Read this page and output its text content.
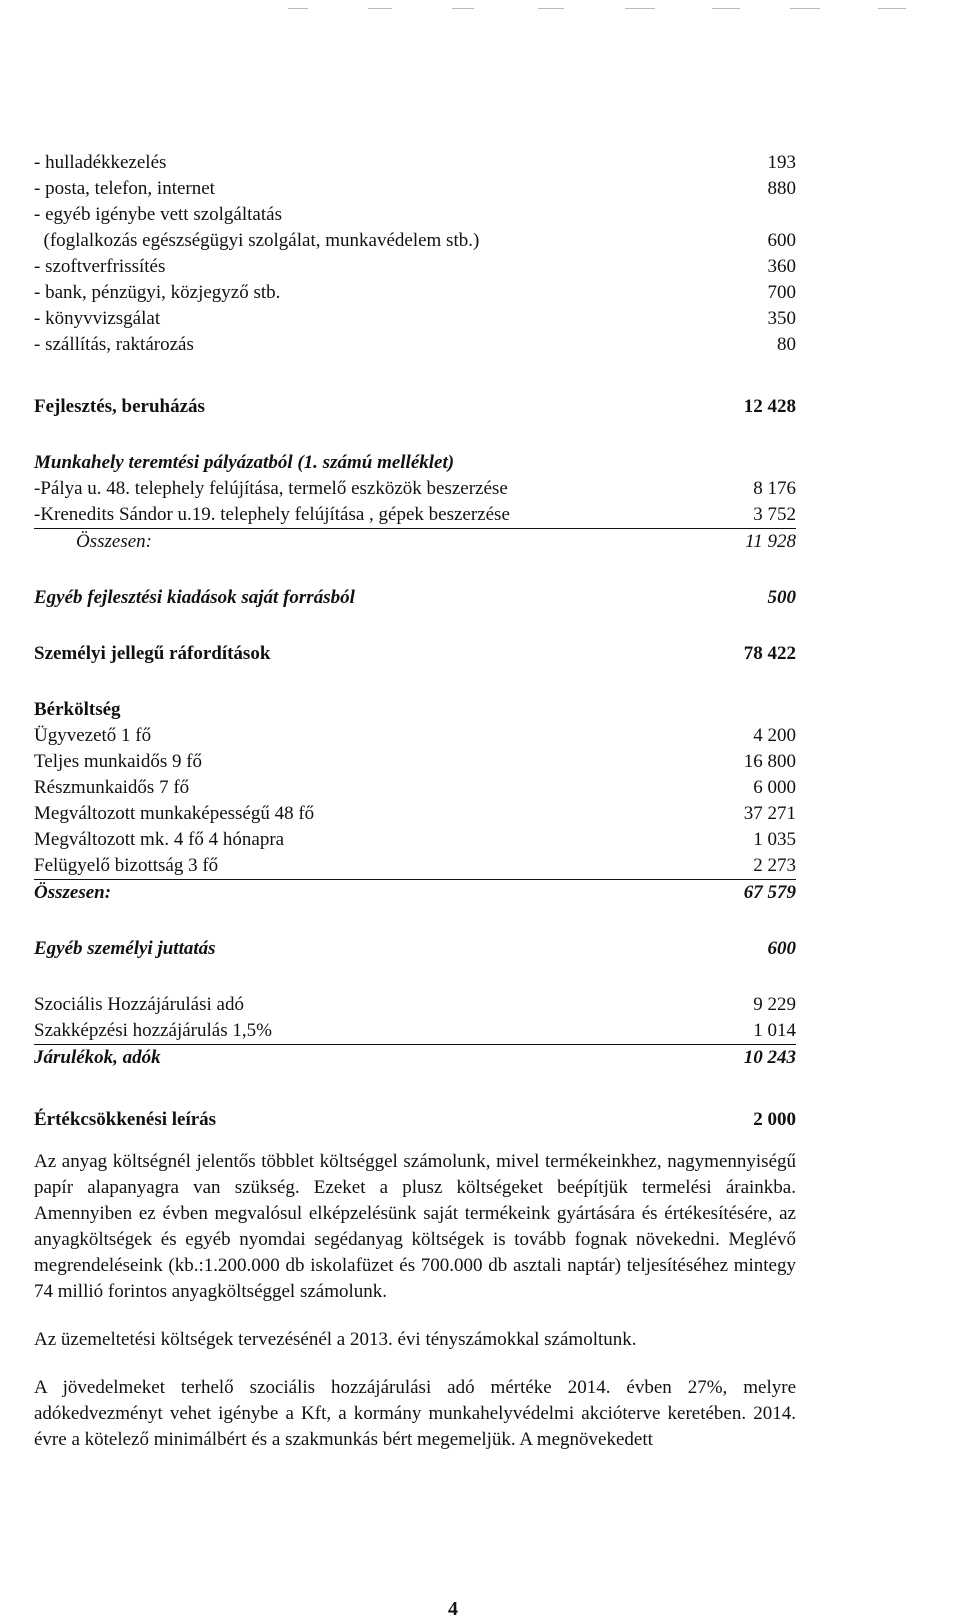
- hulladékkezelés	193
- posta, telefon, internet	880
- egyéb igénybe vett szolgáltatás
(foglalkozás egészségügyi szolgálat, munkavédelem stb.)	600
- szoftverfrissítés	360
- bank, pénzügyi, közjegyző stb.	700
- könyvvizsgálat	350
- szállítás, raktározás	80
Fejlesztés, beruházás	12 428
Munkahely teremtési pályázatból (1. számú melléklet)
-Pálya u. 48. telephely felújítása, termelő eszközök beszerzése	8 176
-Krenedits Sándor u.19. telephely felújítása , gépek beszerzése	3 752
Összesen:	11 928
Egyéb fejlesztési kiadások saját forrásból	500
Személyi jellegű ráfordítások	78 422
Bérköltség
Ügyvezető 1 fő	4 200
Teljes munkaidős 9 fő	16 800
Részmunkaidős 7 fő	6 000
Megváltozott munkaképességű 48 fő	37 271
Megváltozott mk. 4 fő 4 hónapra	1 035
Felügyelő bizottság 3 fő	2 273
Összesen:	67 579
Egyéb személyi juttatás	600
Szociális Hozzájárulási adó	9 229
Szakképzési hozzájárulás 1,5%	1 014
Járulékok, adók	10 243
Értékcsökkenési leírás	2 000

Az anyag költségnél jelentős többlet költséggel számolunk, mivel termékeinkhez, nagymennyiségű papír alapanyagra van szükség. Ezeket a plusz költségeket beépítjük termelési árainkba. Amennyiben ez évben megvalósul elképzelésünk saját termékeink gyártására és értékesítésére, az anyagköltségek és egyéb nyomdai segédanyag költségek is tovább fognak növekedni. Meglévő megrendeléseink (kb.:1.200.000 db iskolafüzet és 700.000 db asztali naptár) teljesítéséhez mintegy 74 millió forintos anyagköltséggel számolunk.

Az üzemeltetési költségek tervezésénél a 2013. évi tényszámokkal számoltunk.

A jövedelmeket terhelő szociális hozzájárulási adó mértéke 2014. évben 27%, melyre adókedvezményt vehet igénybe a Kft, a kormány munkahelyvédelmi akcióterve keretében. 2014. évre a kötelező minimálbért és a szakmunkás bért megemeljük. A megnövekedett

4
